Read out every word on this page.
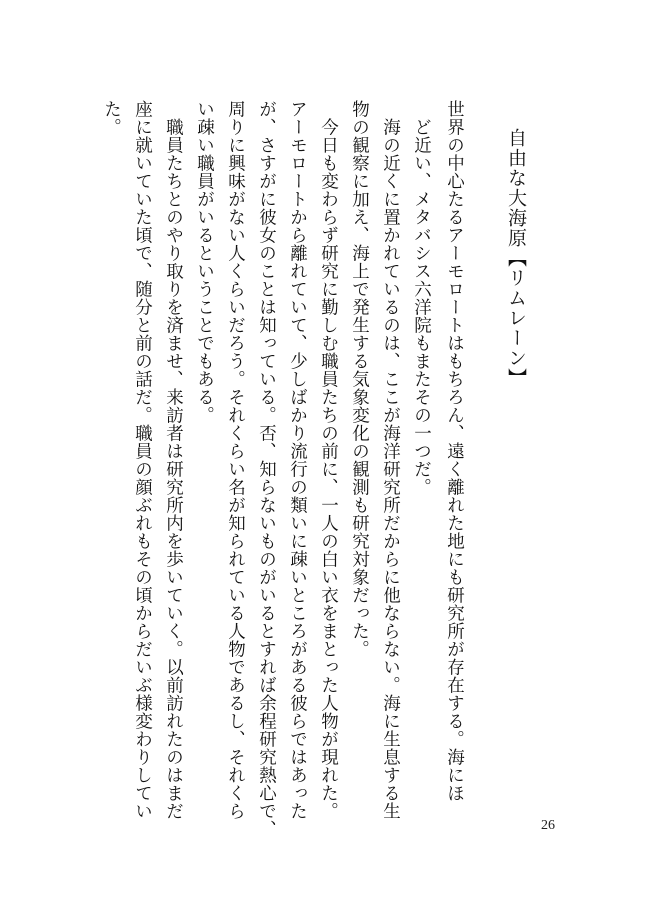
自由な大海原【リムレーン】
世界の中心たるアーモロートはもちろん、遠く離れた地にも研究所が存在する。海にほ
ど近い、メタバシス六洋院もまたその一つだ。
海の近くに置かれているのは、ここが海洋研究所だからに他ならない。海に生息する生
物の観察に加え、海上で発生する気象変化の観測も研究対象だった。
今日も変わらず研究に勤しむ職員たちの前に、一人の白い衣をまとった人物が現れた。
アーモロートから離れていて、少しばかり流行の類いに疎いところがある彼らではあった
が、さすがに彼女のことは知っている。否、知らないものがいるとすれば余程研究熱心で、
周りに興味がない人くらいだろう。それくらい名が知られている人物であるし、それくら
い疎い職員がいるということでもある。
職員たちとのやり取りを済ませ、来訪者は研究所内を歩いていく。以前訪れたのはまだ
座に就いていた頃で、随分と前の話だ。職員の顔ぶれもその頃からだいぶ様変わりしてい
た。
26
